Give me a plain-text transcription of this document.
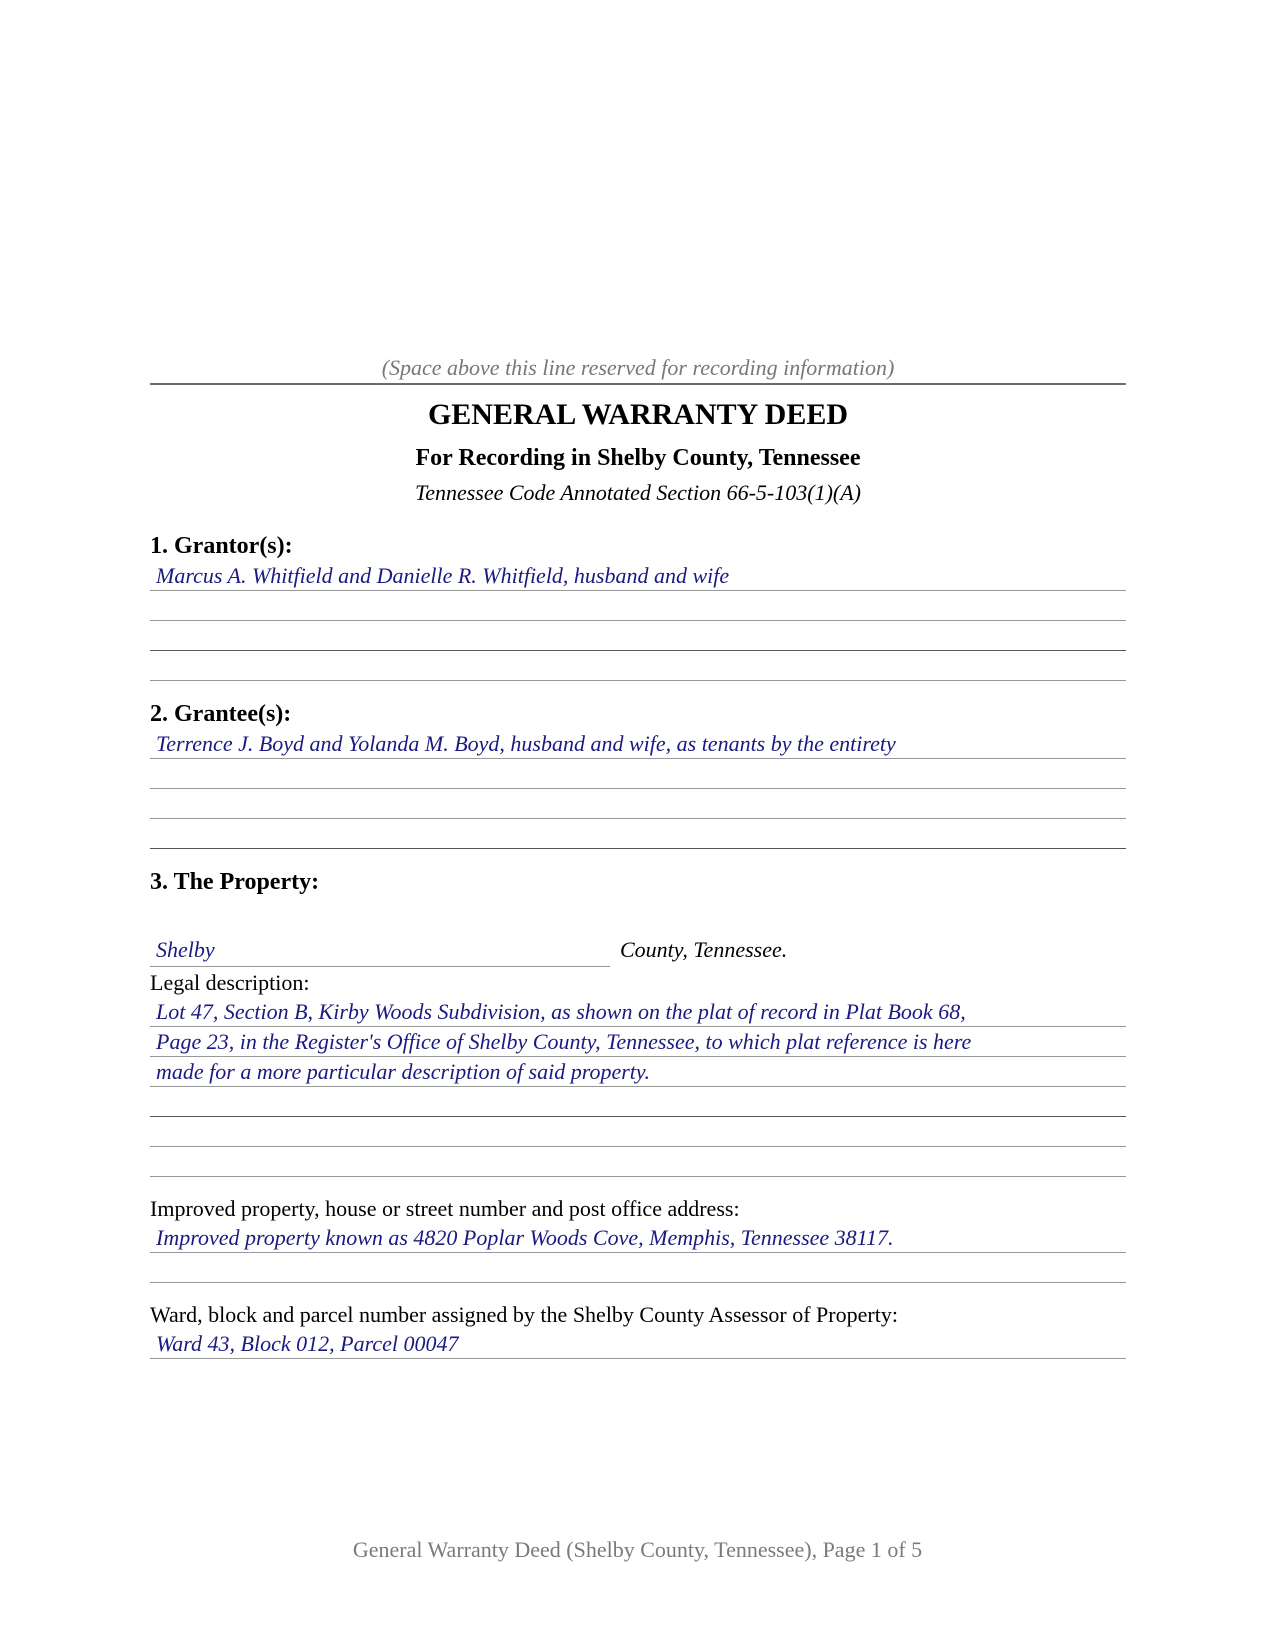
(Space above this line reserved for recording information)
GENERAL WARRANTY DEED
For Recording in Shelby County, Tennessee
Tennessee Code Annotated Section 66-5-103(1)(A)
1. Grantor(s):
Marcus A. Whitfield and Danielle R. Whitfield, husband and wife
2. Grantee(s):
Terrence J. Boyd and Yolanda M. Boyd, husband and wife, as tenants by the entirety
3. The Property:
Shelby	County, Tennessee.
Legal description:
Lot 47, Section B, Kirby Woods Subdivision, as shown on the plat of record in Plat Book 68,
Page 23, in the Register's Office of Shelby County, Tennessee, to which plat reference is here
made for a more particular description of said property.
Improved property, house or street number and post office address:
Improved property known as 4820 Poplar Woods Cove, Memphis, Tennessee 38117.
Ward, block and parcel number assigned by the Shelby County Assessor of Property:
Ward 43, Block 012, Parcel 00047
General Warranty Deed (Shelby County, Tennessee), Page 1 of 5
